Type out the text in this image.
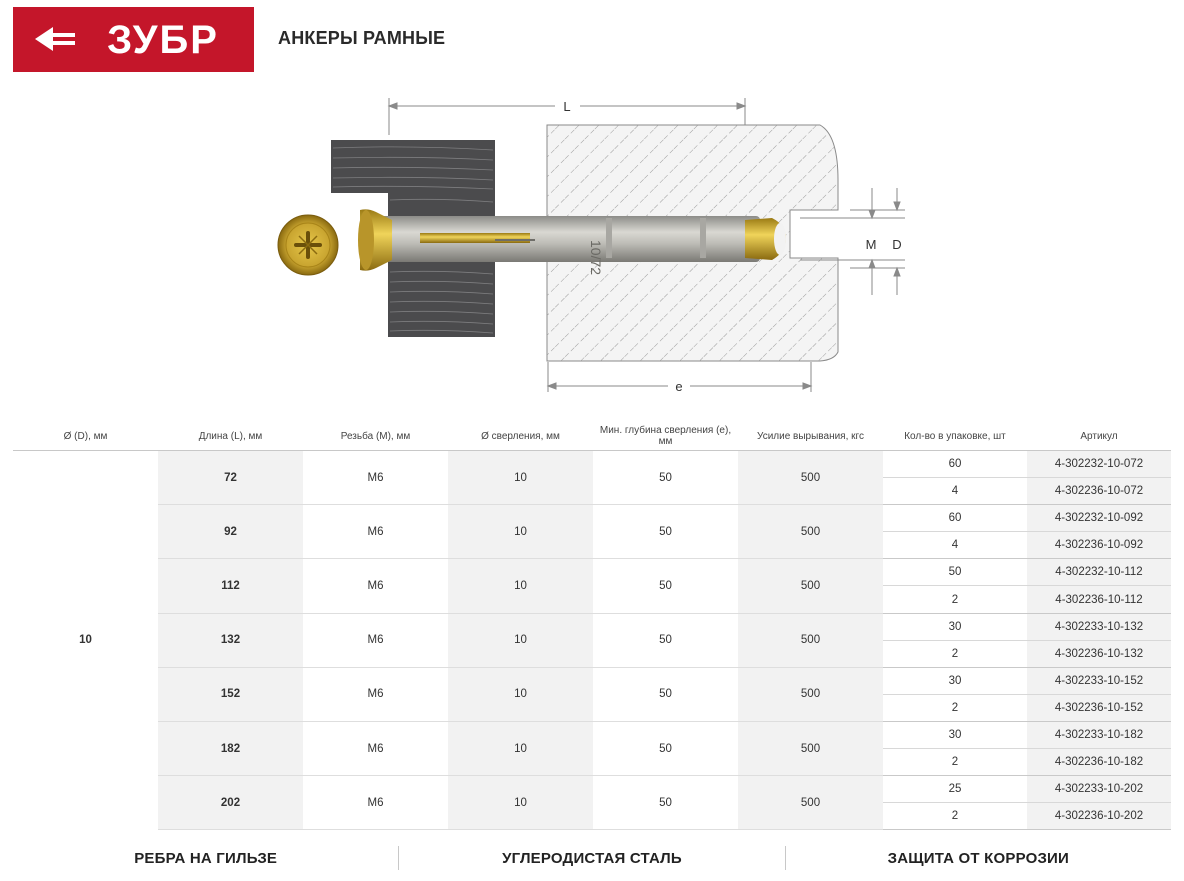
ЗУБР	АНКЕРЫ РАМНЫЕ
10/72
L
e
M D
Ø (D), мм	Длина (L), мм	Резьба (М), мм	Ø сверления, мм	Мин. глубина сверления (е), мм	Усилие вырывания, кгс	Кол-во в упаковке, шт	Артикул
10	72	M6	10	50	500	60	4-302232-10-072
						4	4-302236-10-072
	92	M6	10	50	500	60	4-302232-10-092
						4	4-302236-10-092
	112	M6	10	50	500	50	4-302232-10-112
						2	4-302236-10-112
	132	M6	10	50	500	30	4-302233-10-132
						2	4-302236-10-132
	152	M6	10	50	500	30	4-302233-10-152
						2	4-302236-10-152
	182	M6	10	50	500	30	4-302233-10-182
						2	4-302236-10-182
	202	M6	10	50	500	25	4-302233-10-202
						2	4-302236-10-202
РЕБРА НА ГИЛЬЗЕ	УГЛЕРОДИСТАЯ СТАЛЬ	ЗАЩИТА ОТ КОРРОЗИИ
